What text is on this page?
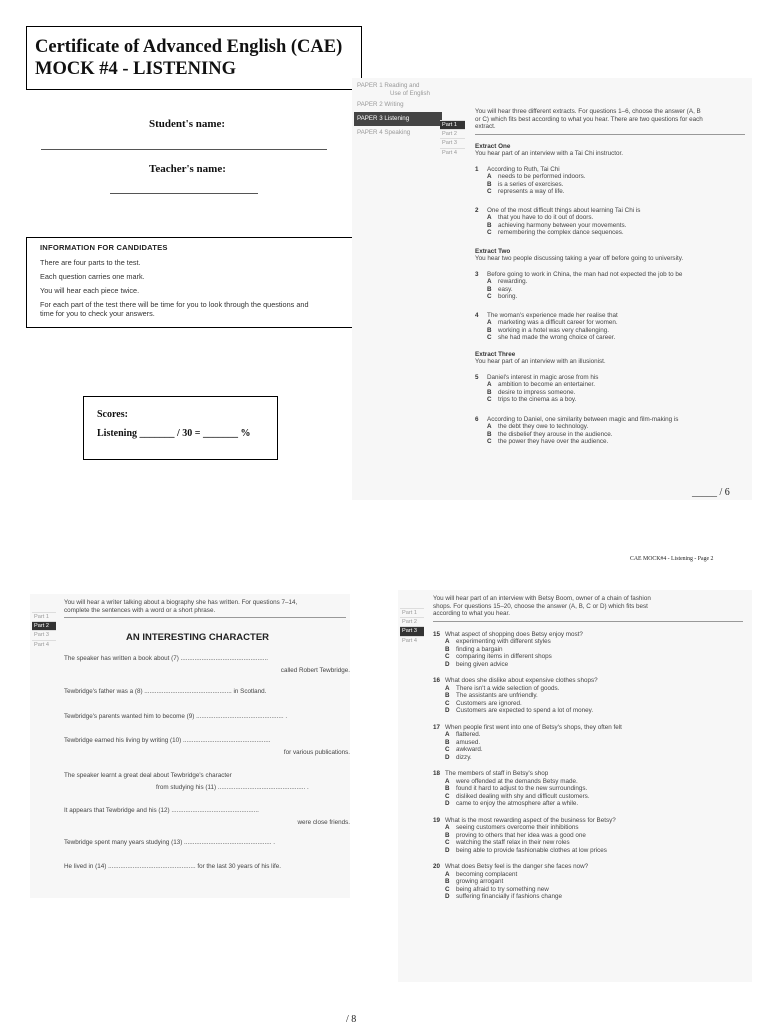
Certificate of Advanced English (CAE)
MOCK #4 - LISTENING
Student's name:
Teacher's name:
INFORMATION FOR CANDIDATES
There are four parts to the test.
Each question carries one mark.
You will hear each piece twice.
For each part of the test there will be time for you to look through the questions and
time for you to check your answers.
Scores:
Listening _______ / 30 = _______ %
PAPER 1 Reading and
Use of English
PAPER 2 Writing
PAPER 3 Listening
PAPER 4 Speaking
Part 1
Part 2
Part 3
Part 4
You will hear three different extracts. For questions 1–6, choose the answer (A, B
or C) which fits best according to what you hear. There are two questions for each
extract.
Extract One
You hear part of an interview with a Tai Chi instructor.
1 According to Ruth, Tai Chi
A needs to be performed indoors.
B is a series of exercises.
C represents a way of life.
2 One of the most difficult things about learning Tai Chi is
A that you have to do it out of doors.
B achieving harmony between your movements.
C remembering the complex dance sequences.
Extract Two
You hear two people discussing taking a year off before going to university.
3 Before going to work in China, the man had not expected the job to be
A rewarding.
B easy.
C boring.
4 The woman's experience made her realise that
A marketing was a difficult career for women.
B working in a hotel was very challenging.
C she had made the wrong choice of career.
Extract Three
You hear part of an interview with an illusionist.
5 Daniel's interest in magic arose from his
A ambition to become an entertainer.
B desire to impress someone.
C trips to the cinema as a boy.
6 According to Daniel, one similarity between magic and film-making is
A the debt they owe to technology.
B the disbelief they arouse in the audience.
C the power they have over the audience.
_____ / 6
CAE MOCK#4 - Listening - Page 2
Part 1
Part 2
Part 3
Part 4
You will hear a writer talking about a biography she has written. For questions 7–14,
complete the sentences with a word or a short phrase.
AN INTERESTING CHARACTER
The speaker has written a book about (7) ..................................................
called Robert Tewbridge.
Tewbridge's father was a (8) .................................................. in Scotland.
Tewbridge's parents wanted him to become (9) .................................................. .
Tewbridge earned his living by writing (10) ..................................................
for various publications.
The speaker learnt a great deal about Tewbridge's character
from studying his (11) .................................................. .
It appears that Tewbridge and his (12) ..................................................
were close friends.
Tewbridge spent many years studying (13) .................................................. .
He lived in (14) .................................................. for the last 30 years of his life.
Part 1
Part 2
Part 3
Part 4
You will hear part of an interview with Betsy Boom, owner of a chain of fashion
shops. For questions 15–20, choose the answer (A, B, C or D) which fits best
according to what you hear.
15 What aspect of shopping does Betsy enjoy most?
A experimenting with different styles
B finding a bargain
C comparing items in different shops
D being given advice
16 What does she dislike about expensive clothes shops?
A There isn't a wide selection of goods.
B The assistants are unfriendly.
C Customers are ignored.
D Customers are expected to spend a lot of money.
17 When people first went into one of Betsy's shops, they often felt
A flattered.
B amused.
C awkward.
D dizzy.
18 The members of staff in Betsy's shop
A were offended at the demands Betsy made.
B found it hard to adjust to the new surroundings.
C disliked dealing with shy and difficult customers.
D came to enjoy the atmosphere after a while.
19 What is the most rewarding aspect of the business for Betsy?
A seeing customers overcome their inhibitions
B proving to others that her idea was a good one
C watching the staff relax in their new roles
D being able to provide fashionable clothes at low prices
20 What does Betsy feel is the danger she faces now?
A becoming complacent
B growing arrogant
C being afraid to try something new
D suffering financially if fashions change
/ 8
